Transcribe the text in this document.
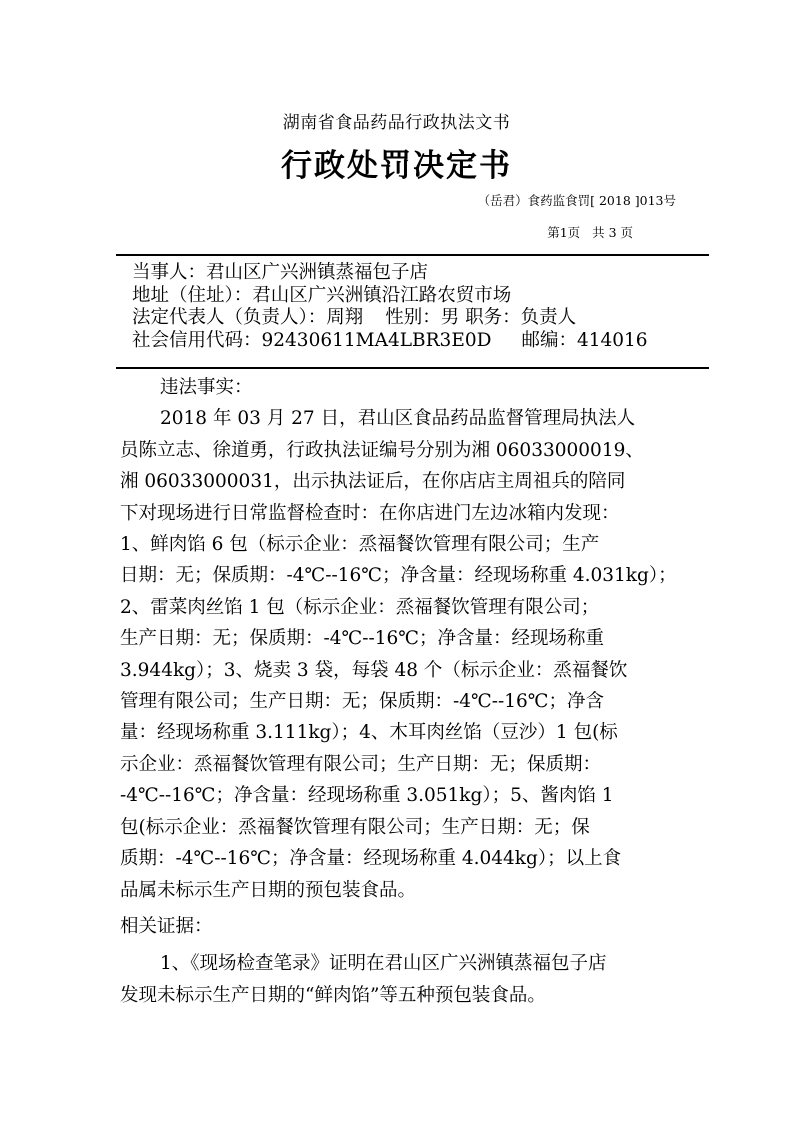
湖南省食品药品行政执法文书
行政处罚决定书
（岳君）食药监食罚[ 2018 ]013号
第1页   共 3 页
当事人：君山区广兴洲镇蒸福包子店
地址（住址）：君山区广兴洲镇沿江路农贸市场
法定代表人（负责人）：周翔 性别：男 职务：负责人
社会信用代码：92430611MA4LBR3E0D 邮编：414016

违法事实：

2018 年 03 月 27 日，君山区食品药品监督管理局执法人
员陈立志、徐道勇，行政执法证编号分别为湘 06033000019、
湘 06033000031，出示执法证后，在你店店主周祖兵的陪同
下对现场进行日常监督检查时：在你店进门左边冰箱内发现：
1、鲜肉馅 6 包（标示企业：烝福餐饮管理有限公司；生产
日期：无；保质期：-4℃--16℃；净含量：经现场称重 4.031kg）；
2、雷菜肉丝馅 1 包（标示企业：烝福餐饮管理有限公司；
生产日期：无；保质期：-4℃--16℃；净含量：经现场称重
3.944kg）；3、烧卖 3 袋，每袋 48 个（标示企业：烝福餐饮
管理有限公司；生产日期：无；保质期：-4℃--16℃；净含
量：经现场称重 3.111kg）；4、木耳肉丝馅（豆沙）1 包(标
示企业：烝福餐饮管理有限公司；生产日期：无；保质期：
-4℃--16℃；净含量：经现场称重 3.051kg）；5、酱肉馅 1
包(标示企业：烝福餐饮管理有限公司；生产日期：无；保
质期：-4℃--16℃；净含量：经现场称重 4.044kg）；以上食
品属未标示生产日期的预包装食品。

相关证据：

1、《现场检查笔录》证明在君山区广兴洲镇蒸福包子店
发现未标示生产日期的“鲜肉馅”等五种预包装食品。
